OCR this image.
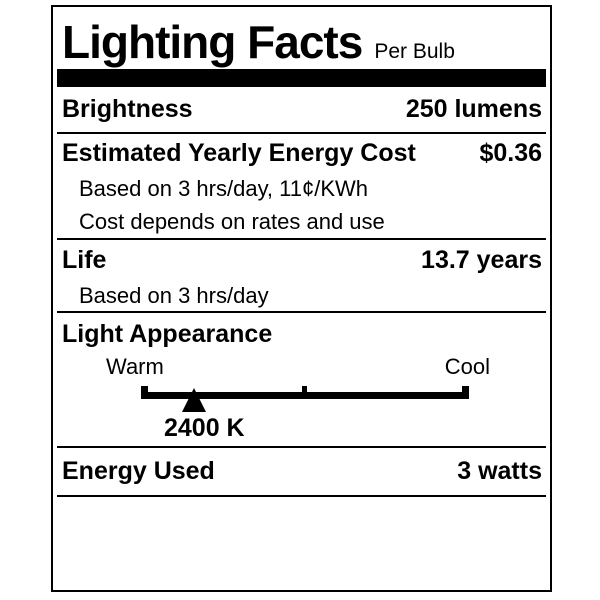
Lighting Facts Per Bulb
Brightness	250 lumens
Estimated Yearly Energy Cost	$0.36
Based on 3 hrs/day, 11¢/KWh
Cost depends on rates and use
Life	13.7 years
Based on 3 hrs/day
Light Appearance
Warm	Cool
2400 K
Energy Used	3 watts
